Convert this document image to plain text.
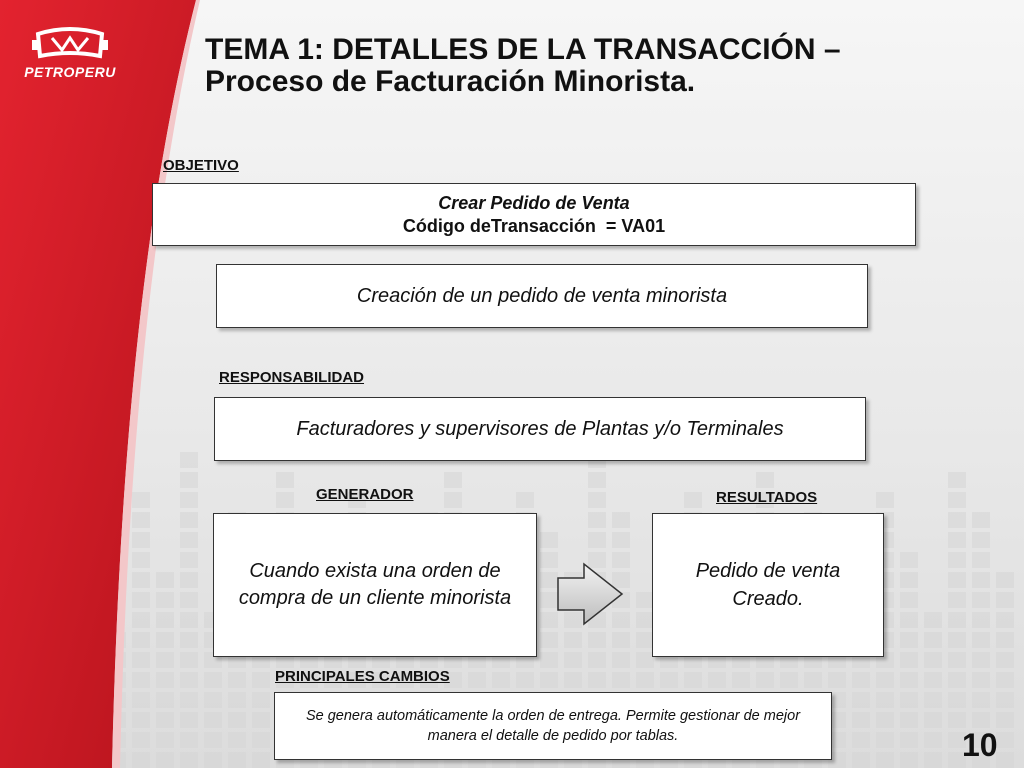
PETROPERU
TEMA 1: DETALLES DE LA TRANSACCIÓN – Proceso de Facturación Minorista.
OBJETIVO
Crear Pedido de Venta
Código deTransacción  = VA01
Creación de un pedido de venta minorista
RESPONSABILIDAD
Facturadores y supervisores de Plantas y/o Terminales
GENERADOR
Cuando exista una orden de compra de un cliente minorista
RESULTADOS
Pedido de venta
Creado.
PRINCIPALES CAMBIOS
Se genera automáticamente la orden de entrega. Permite gestionar de mejor manera el detalle de pedido por tablas.	10
